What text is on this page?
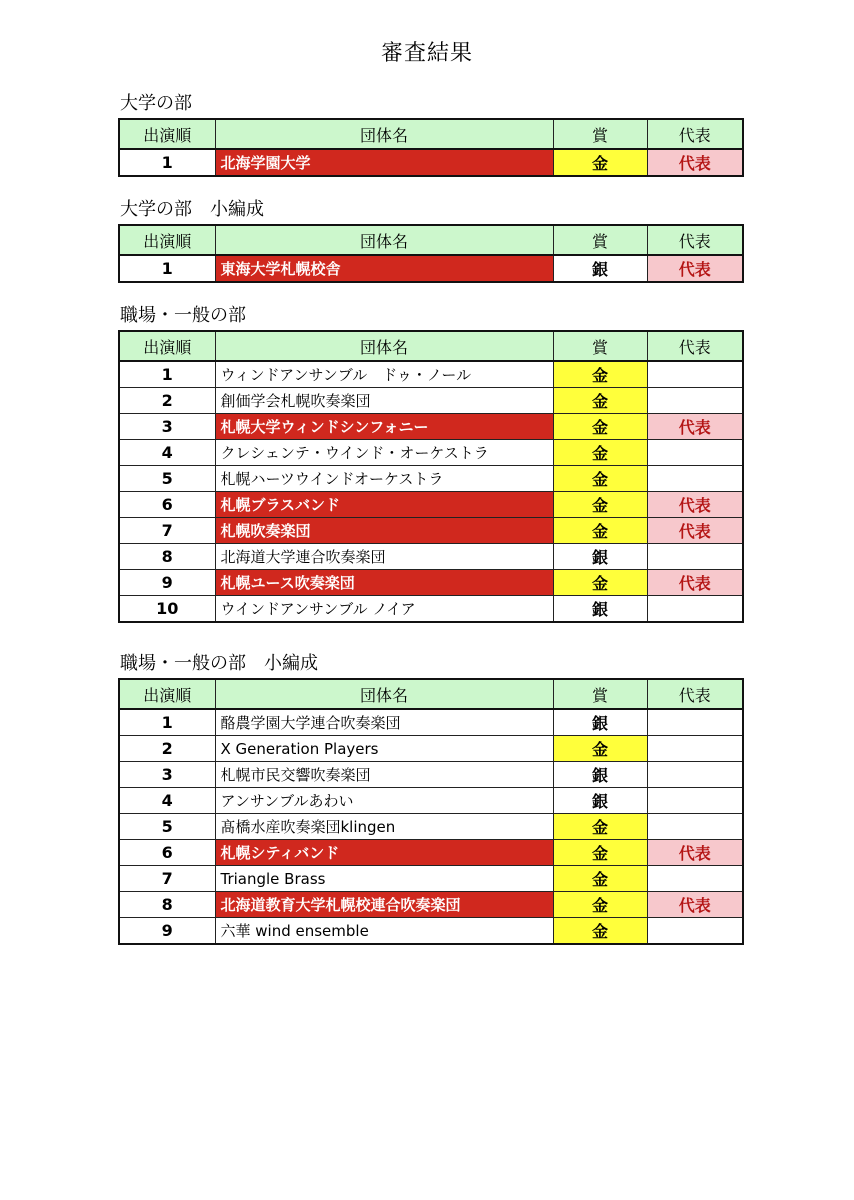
審査結果
大学の部
出演順	団体名	賞	代表
1	北海学園大学	金	代表
大学の部　小編成
出演順	団体名	賞	代表
1	東海大学札幌校舎	銀	代表
職場・一般の部
出演順	団体名	賞	代表
1	ウィンドアンサンブル　ドゥ・ノール	金	
2	創価学会札幌吹奏楽団	金	
3	札幌大学ウィンドシンフォニー	金	代表
4	クレシェンテ・ウインド・オーケストラ	金	
5	札幌ハーツウインドオーケストラ	金	
6	札幌ブラスバンド	金	代表
7	札幌吹奏楽団	金	代表
8	北海道大学連合吹奏楽団	銀	
9	札幌ユース吹奏楽団	金	代表
10	ウインドアンサンブル ノイア	銀	
職場・一般の部　小編成
出演順	団体名	賞	代表
1	酪農学園大学連合吹奏楽団	銀	
2	X Generation Players	金	
3	札幌市民交響吹奏楽団	銀	
4	アンサンブルあわい	銀	
5	髙橋水産吹奏楽団klingen	金	
6	札幌シティバンド	金	代表
7	Triangle Brass	金	
8	北海道教育大学札幌校連合吹奏楽団	金	代表
9	六華 wind ensemble	金	
